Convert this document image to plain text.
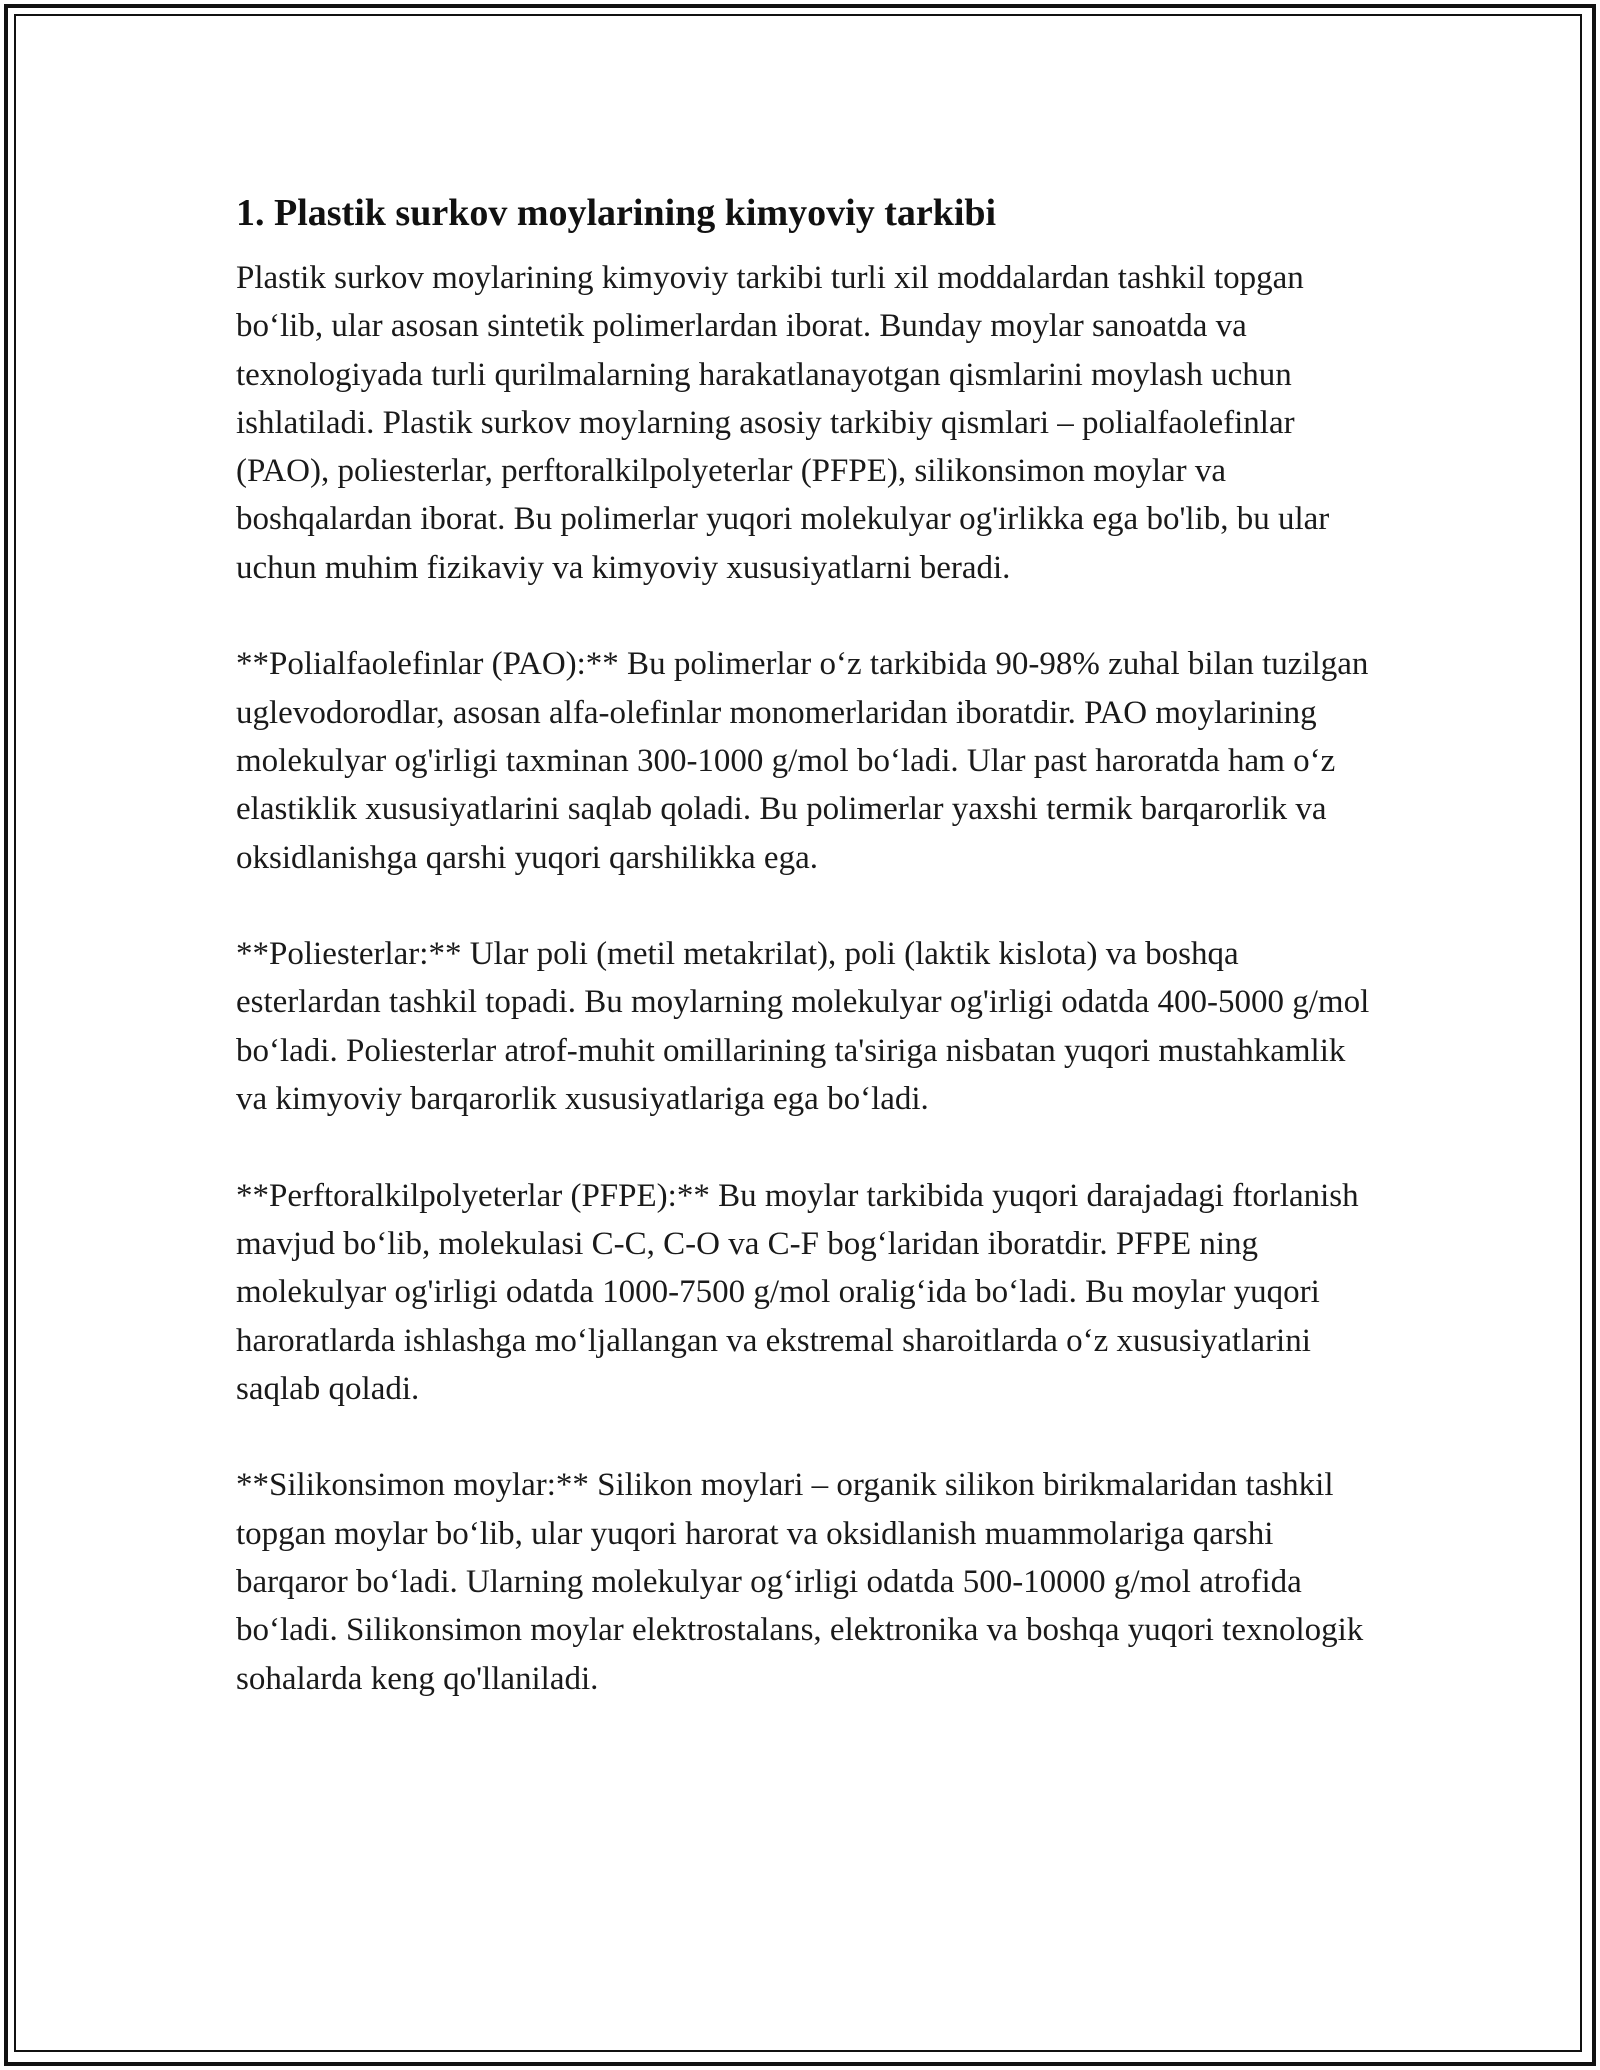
1. Plastik surkov moylarining kimyoviy tarkibi

Plastik surkov moylarining kimyoviy tarkibi turli xil moddalardan tashkil topgan bo‘lib, ular asosan sintetik polimerlardan iborat. Bunday moylar sanoatda va texnologiyada turli qurilmalarning harakatlanayotgan qismlarini moylash uchun ishlatiladi. Plastik surkov moylarning asosiy tarkibiy qismlari – polialfaolefinlar (PAO), poliesterlar, perftoralkilpolyeterlar (PFPE), silikonsimon moylar va boshqalardan iborat. Bu polimerlar yuqori molekulyar og'irlikka ega bo'lib, bu ular uchun muhim fizikaviy va kimyoviy xususiyatlarni beradi.

**Polialfaolefinlar (PAO):** Bu polimerlar o‘z tarkibida 90-98% zuhal bilan tuzilgan uglevodorodlar, asosan alfa-olefinlar monomerlaridan iboratdir. PAO moylarining molekulyar og'irligi taxminan 300-1000 g/mol bo‘ladi. Ular past haroratda ham o‘z elastiklik xususiyatlarini saqlab qoladi. Bu polimerlar yaxshi termik barqarorlik va oksidlanishga qarshi yuqori qarshilikka ega.

**Poliesterlar:** Ular poli (metil metakrilat), poli (laktik kislota) va boshqa esterlardan tashkil topadi. Bu moylarning molekulyar og'irligi odatda 400-5000 g/mol bo‘ladi. Poliesterlar atrof-muhit omillarining ta'siriga nisbatan yuqori mustahkamlik va kimyoviy barqarorlik xususiyatlariga ega bo‘ladi.

**Perftoralkilpolyeterlar (PFPE):** Bu moylar tarkibida yuqori darajadagi ftorlanish mavjud bo‘lib, molekulasi C-C, C-O va C-F bog‘laridan iboratdir. PFPE ning molekulyar og'irligi odatda 1000-7500 g/mol oralig‘ida bo‘ladi. Bu moylar yuqori haroratlarda ishlashga mo‘ljallangan va ekstremal sharoitlarda o‘z xususiyatlarini saqlab qoladi.

**Silikonsimon moylar:** Silikon moylari – organik silikon birikmalaridan tashkil topgan moylar bo‘lib, ular yuqori harorat va oksidlanish muammolariga qarshi barqaror bo‘ladi. Ularning molekulyar og‘irligi odatda 500-10000 g/mol atrofida bo‘ladi. Silikonsimon moylar elektrostalans, elektronika va boshqa yuqori texnologik sohalarda keng qo'llaniladi.
